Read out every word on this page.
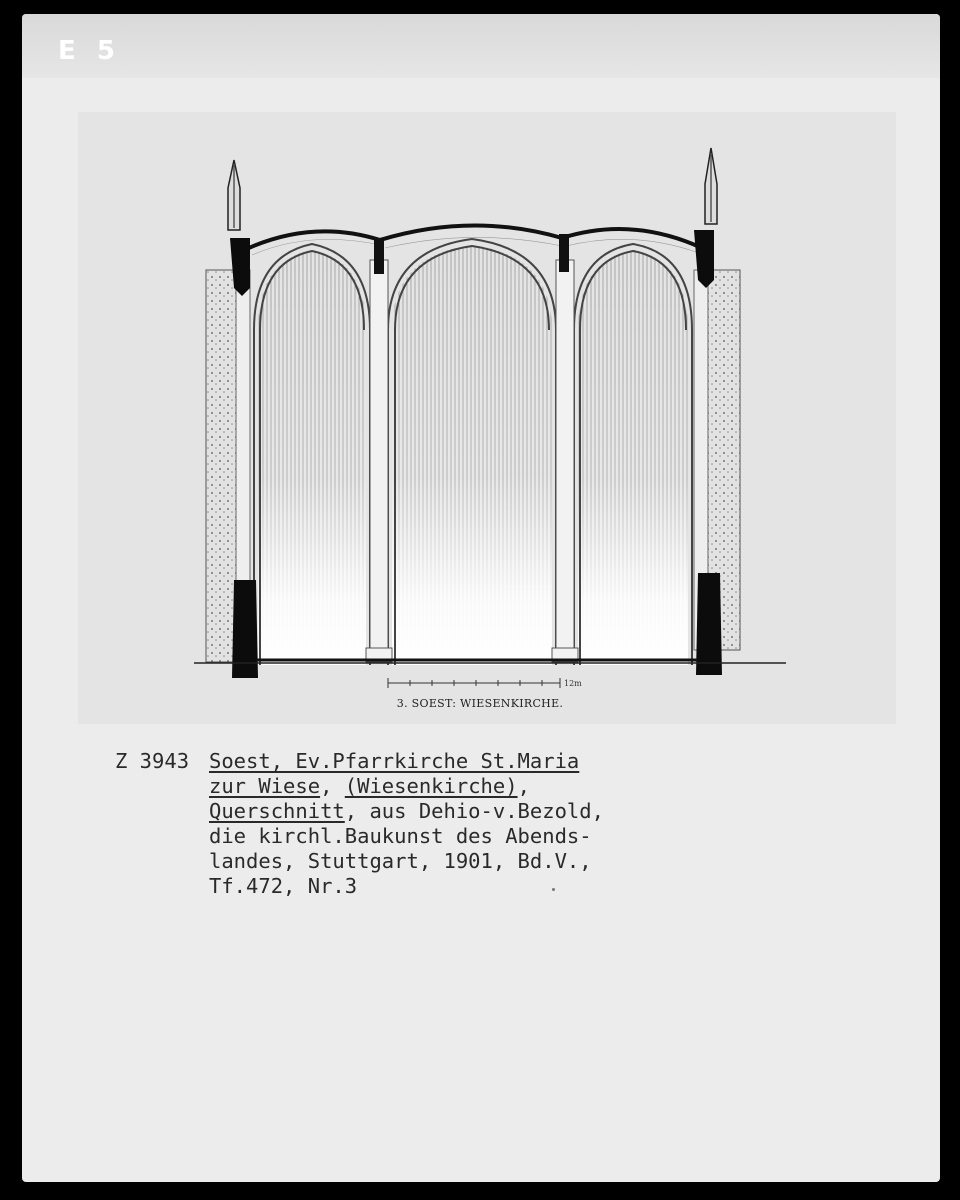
E 5
12m
3. SOEST: WIESENKIRCHE.
Z 3943 Soest, Ev.Pfarrkirche St.Maria
zur Wiese, (Wiesenkirche),
Querschnitt, aus Dehio-v.Bezold,
die kirchl.Baukunst des Abends-
landes, Stuttgart, 1901, Bd.V.,
Tf.472, Nr.3
